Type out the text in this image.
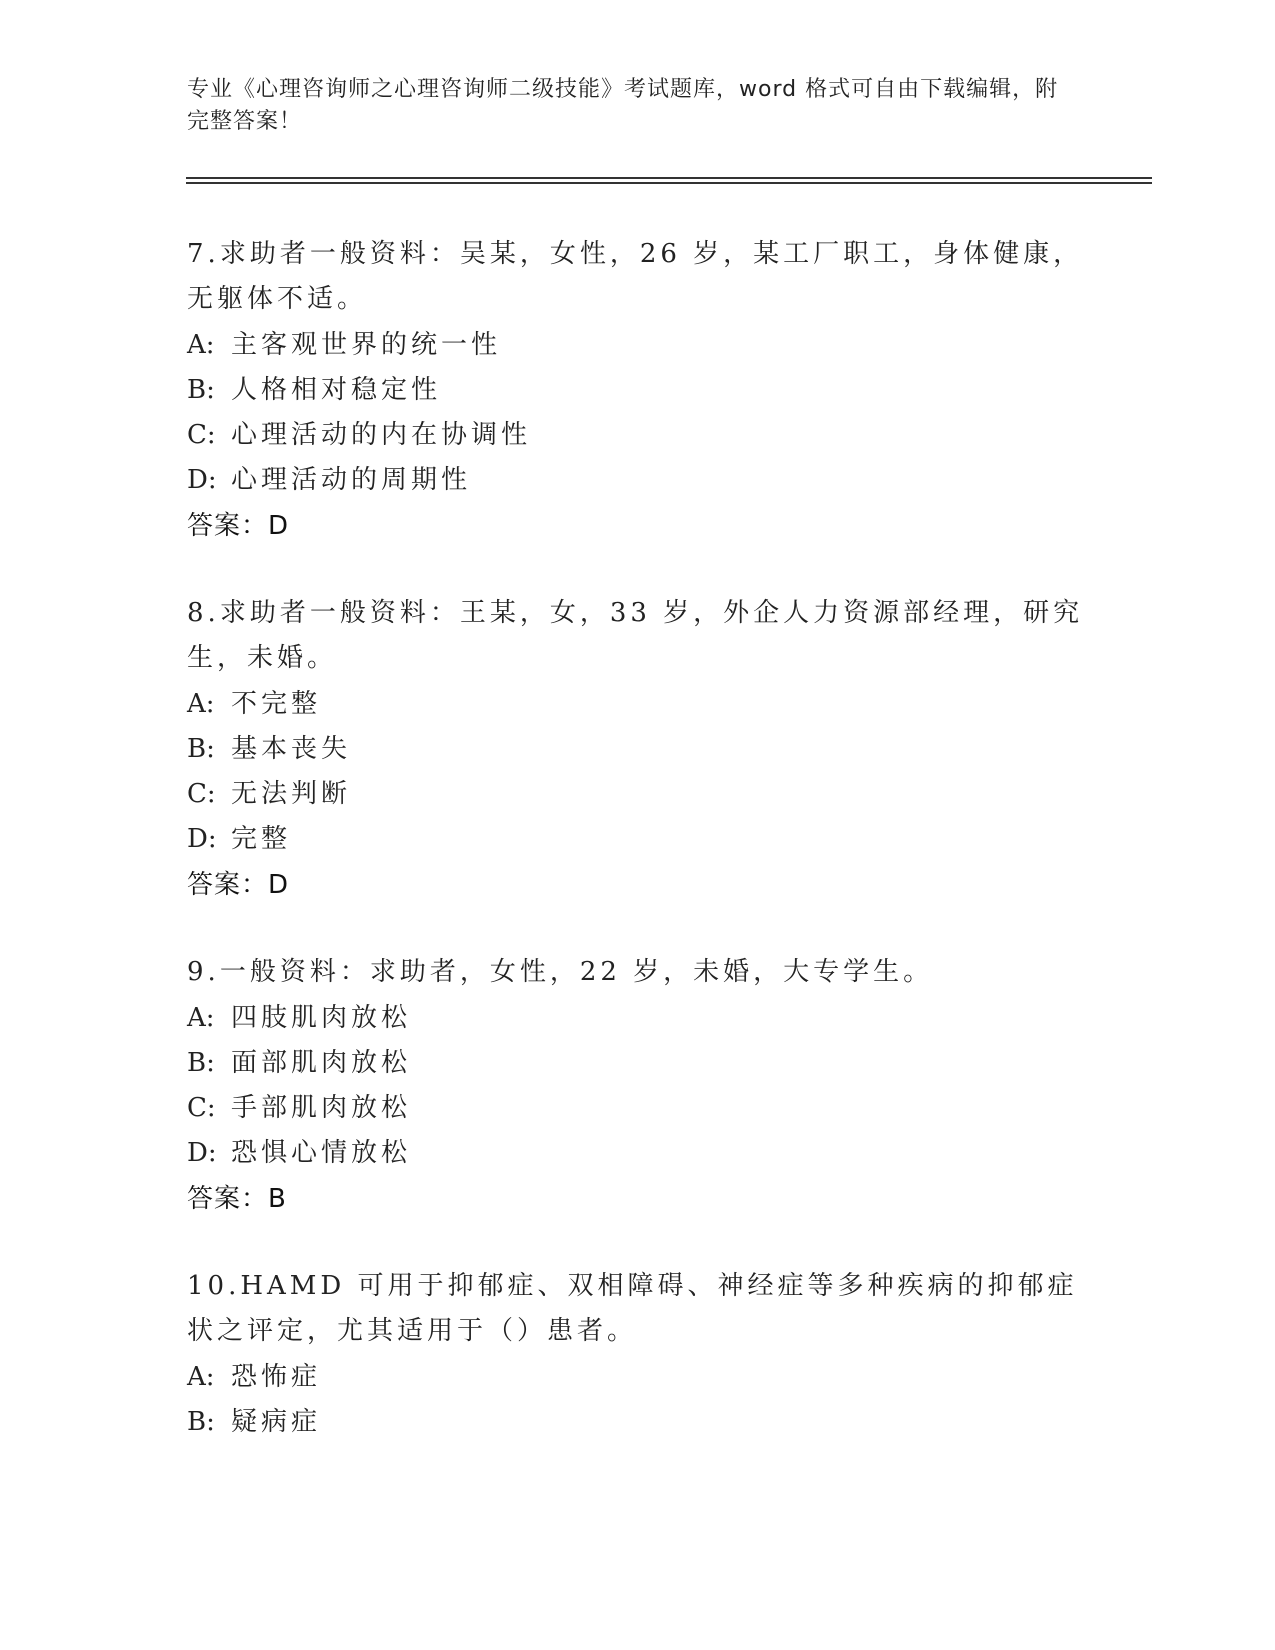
专业《心理咨询师之心理咨询师二级技能》考试题库，word 格式可自由下载编辑，附完整答案！
7.求助者一般资料：吴某，女性，26 岁，某工厂职工，身体健康，无躯体不适。
A: 主客观世界的统一性
B: 人格相对稳定性
C: 心理活动的内在协调性
D: 心理活动的周期性
答案：D
8.求助者一般资料：王某，女，33 岁，外企人力资源部经理，研究生，未婚。
A: 不完整
B: 基本丧失
C: 无法判断
D: 完整
答案：D
9.一般资料：求助者，女性，22 岁，未婚，大专学生。
A: 四肢肌肉放松
B: 面部肌肉放松
C: 手部肌肉放松
D: 恐惧心情放松
答案：B
10.HAMD 可用于抑郁症、双相障碍、神经症等多种疾病的抑郁症状之评定，尤其适用于（）患者。
A: 恐怖症
B: 疑病症
